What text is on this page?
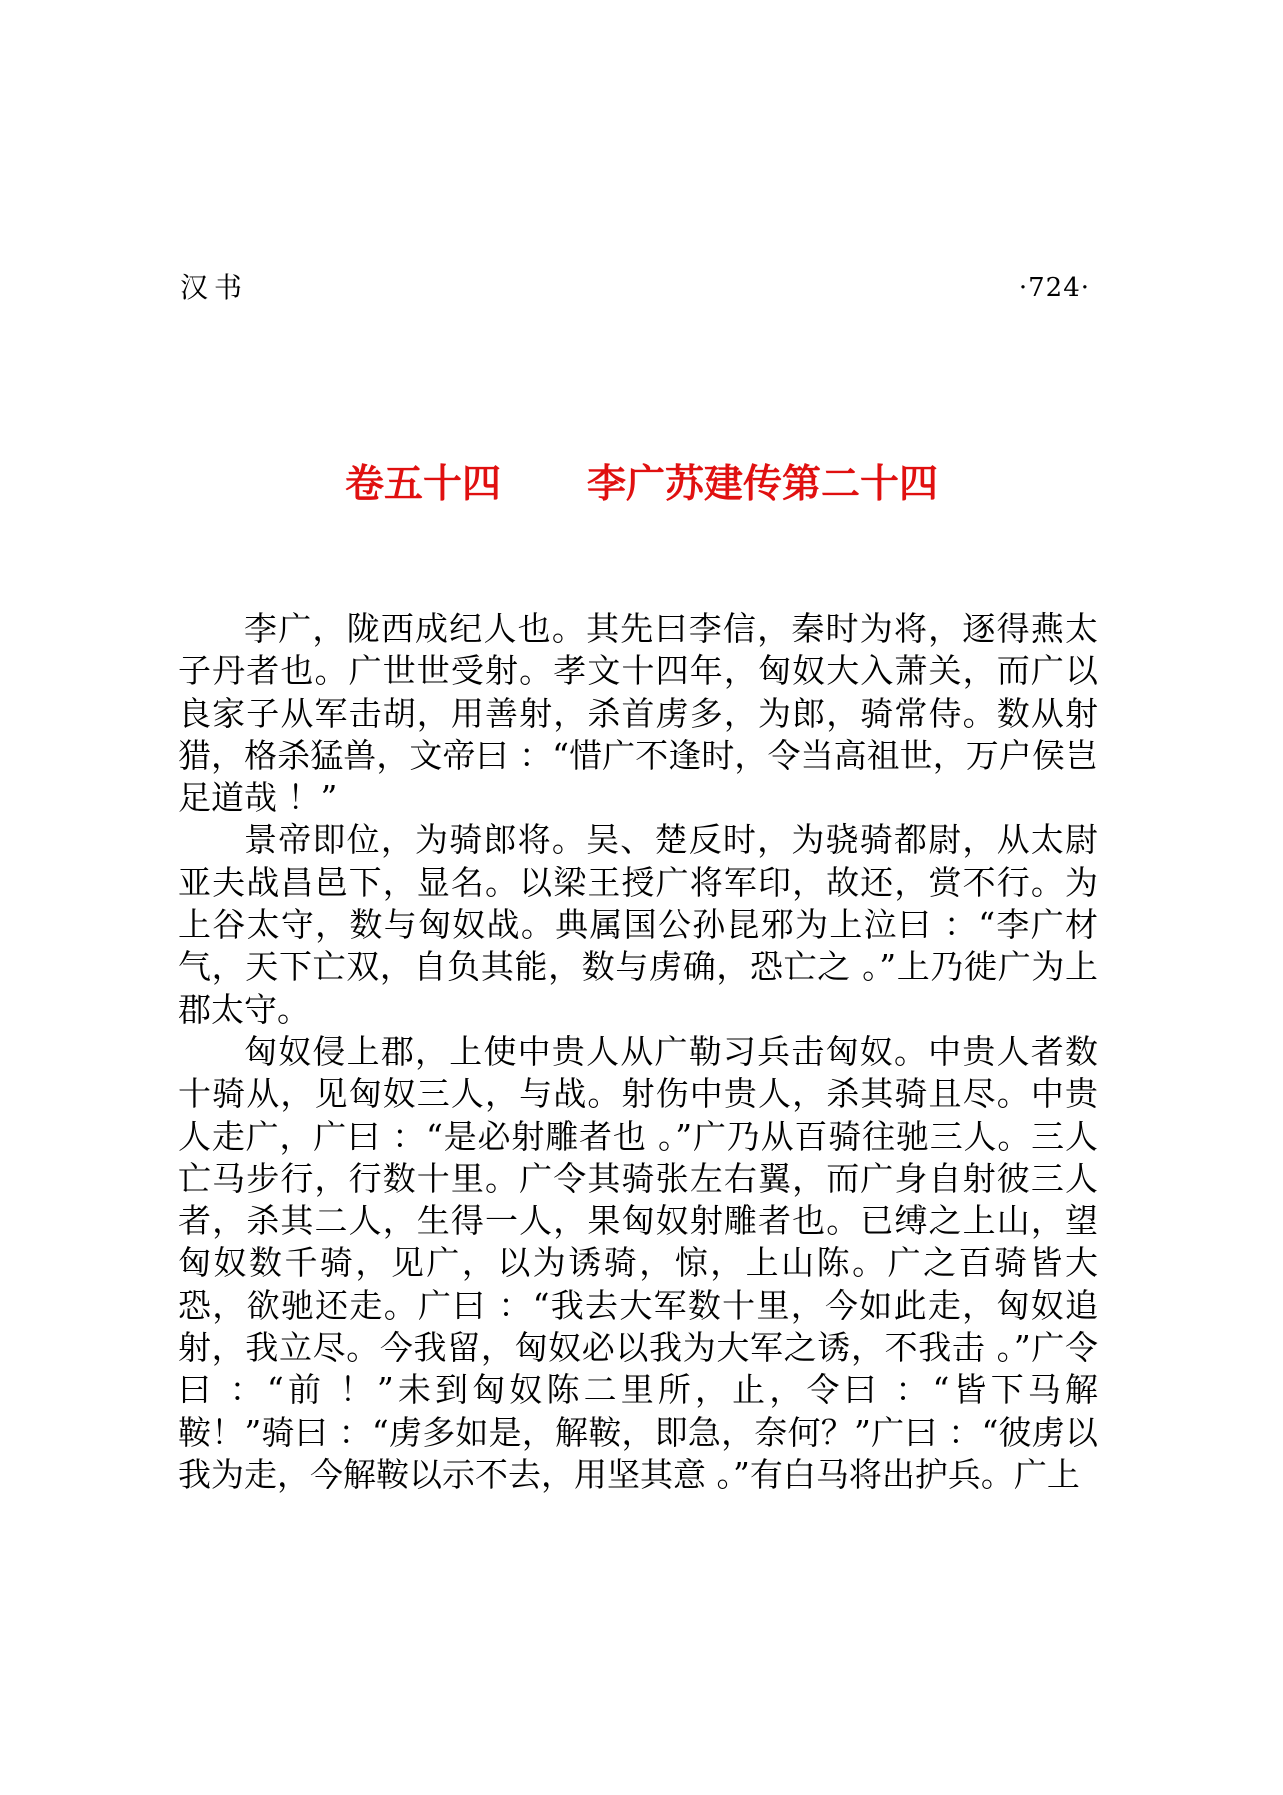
汉书	·724·
卷五十四 李广苏建传第二十四

李广，陇西成纪人也。其先曰李信，秦时为将，逐得燕太子丹者也。广世世受射。孝文十四年，匈奴大入萧关，而广以良家子从军击胡，用善射，杀首虏多，为郎，骑常侍。数从射猎，格杀猛兽，文帝曰 ：“惜广不逢时，令当高祖世，万户侯岂足道哉 ！”

景帝即位，为骑郎将。吴、楚反时，为骁骑都尉，从太尉亚夫战昌邑下，显名。以梁王授广将军印，故还，赏不行。为上谷太守，数与匈奴战。典属国公孙昆邪为上泣曰 ：“李广材气，天下亡双，自负其能，数与虏确，恐亡之 。”上乃徙广为上郡太守。

匈奴侵上郡，上使中贵人从广勒习兵击匈奴。中贵人者数十骑从，见匈奴三人，与战。射伤中贵人，杀其骑且尽。中贵人走广，广曰 ：“是必射雕者也 。”广乃从百骑往驰三人。三人亡马步行，行数十里。广令其骑张左右翼，而广身自射彼三人者，杀其二人，生得一人，果匈奴射雕者也。已缚之上山，望匈奴数千骑，见广，以为诱骑，惊，上山陈。广之百骑皆大恐，欲驰还走。广曰 ：“我去大军数十里，今如此走，匈奴追射，我立尽。今我留，匈奴必以我为大军之诱，不我击 。”广令曰 ：“前 ！”未到匈奴陈二里所，止，令曰 ：“皆下马解鞍！”骑曰 ：“虏多如是，解鞍，即急，奈何？”广曰 ：“彼虏以我为走，今解鞍以示不去，用坚其意 。”有白马将出护兵。广上
